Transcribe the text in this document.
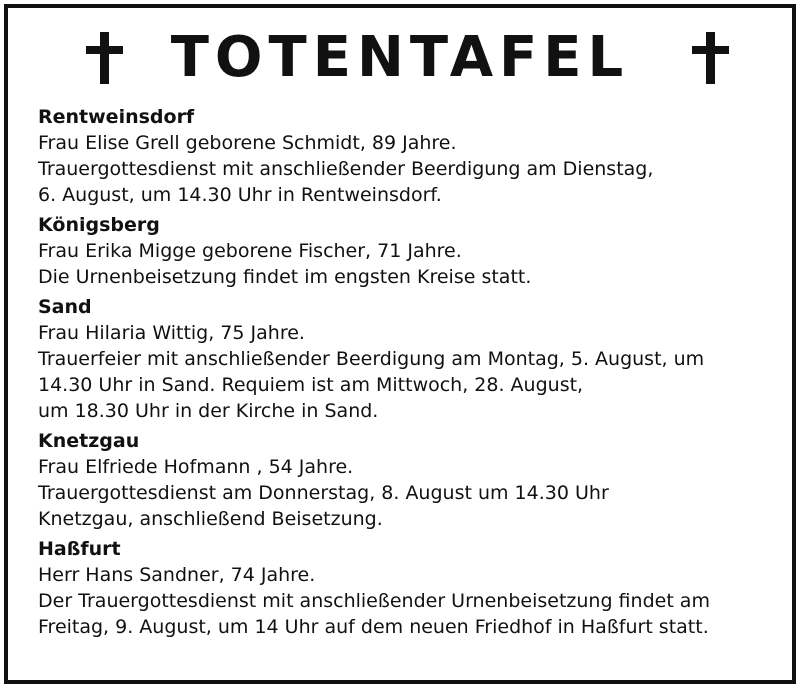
TOTENTAFEL

Rentweinsdorf

Frau Elise Grell geborene Schmidt, 89 Jahre.

Trauergottesdienst mit anschließender Beerdigung am Dienstag,

6. August, um 14.30 Uhr in Rentweinsdorf.

Königsberg

Frau Erika Migge geborene Fischer, 71 Jahre.

Die Urnenbeisetzung findet im engsten Kreise statt.

Sand

Frau Hilaria Wittig, 75 Jahre.

Trauerfeier mit anschließender Beerdigung am Montag, 5. August, um

14.30 Uhr in Sand. Requiem ist am Mittwoch, 28. August,

um 18.30 Uhr in der Kirche in Sand.

Knetzgau

Frau Elfriede Hofmann , 54 Jahre.

Trauergottesdienst am Donnerstag, 8. August um 14.30 Uhr

Knetzgau, anschließend Beisetzung.

Haßfurt

Herr Hans Sandner, 74 Jahre.

Der Trauergottesdienst mit anschließender Urnenbeisetzung findet am

Freitag, 9. August, um 14 Uhr auf dem neuen Friedhof in Haßfurt statt.
